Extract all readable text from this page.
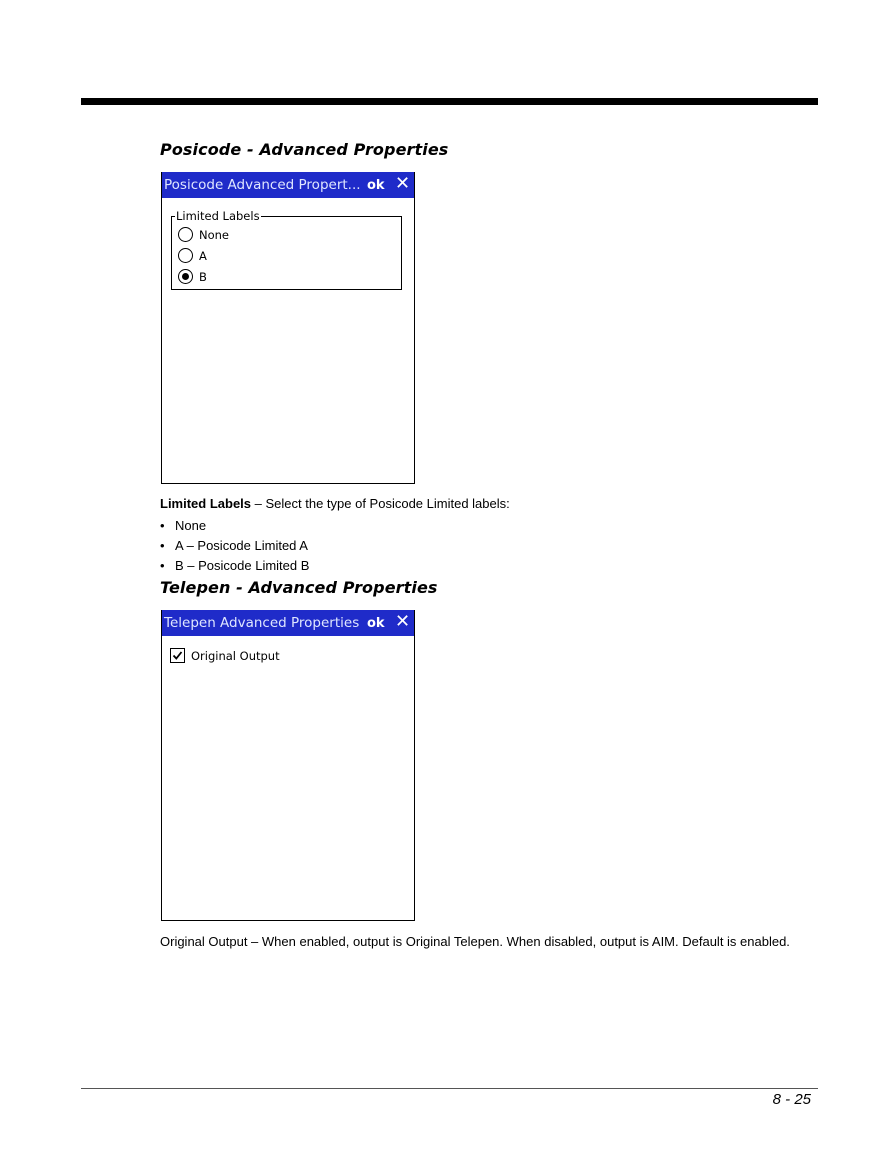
Posicode - Advanced Properties
Posicode Advanced Propert... ok ✕
Limited Labels
None
A
B
Limited Labels – Select the type of Posicode Limited labels:
• None
• A – Posicode Limited A
• B – Posicode Limited B
Telepen - Advanced Properties
Telepen Advanced Properties ok ✕
Original Output
Original Output – When enabled, output is Original Telepen. When disabled, output is AIM. Default is enabled.
8 - 25
